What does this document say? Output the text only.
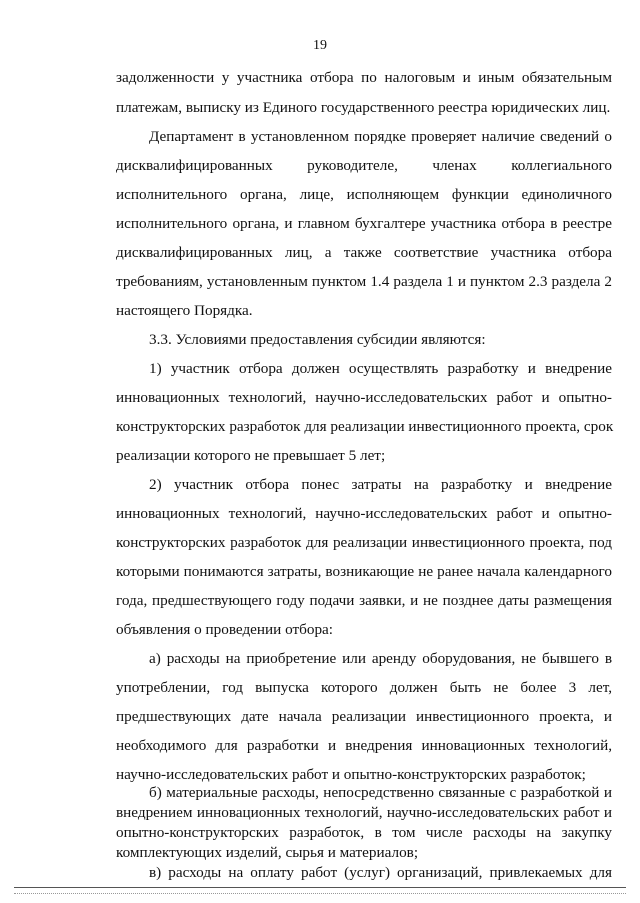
19
задолженности у участника отбора по налоговым и иным обязательным
платежам, выписку из Единого государственного реестра юридических лиц.
Департамент в установленном порядке проверяет наличие сведений о
дисквалифицированных руководителе, членах коллегиального
исполнительного органа, лице, исполняющем функции единоличного
исполнительного органа, и главном бухгалтере участника отбора в реестре
дисквалифицированных лиц, а также соответствие участника отбора
требованиям, установленным пунктом 1.4 раздела 1 и пунктом 2.3 раздела 2
настоящего Порядка.
3.3. Условиями предоставления субсидии являются:
1) участник отбора должен осуществлять разработку и внедрение
инновационных технологий, научно-исследовательских работ и опытно-
конструкторских разработок для реализации инвестиционного проекта, срок
реализации которого не превышает 5 лет;
2) участник отбора понес затраты на разработку и внедрение
инновационных технологий, научно-исследовательских работ и опытно-
конструкторских разработок для реализации инвестиционного проекта, под
которыми понимаются затраты, возникающие не ранее начала календарного
года, предшествующего году подачи заявки, и не позднее даты размещения
объявления о проведении отбора:
а) расходы на приобретение или аренду оборудования, не бывшего в
употреблении, год выпуска которого должен быть не более 3 лет,
предшествующих дате начала реализации инвестиционного проекта, и
необходимого для разработки и внедрения инновационных технологий,
научно-исследовательских работ и опытно-конструкторских разработок;
б) материальные расходы, непосредственно связанные с разработкой и
внедрением инновационных технологий, научно-исследовательских работ и
опытно-конструкторских разработок, в том числе расходы на закупку
комплектующих изделий, сырья и материалов;
в) расходы на оплату работ (услуг) организаций, привлекаемых для
